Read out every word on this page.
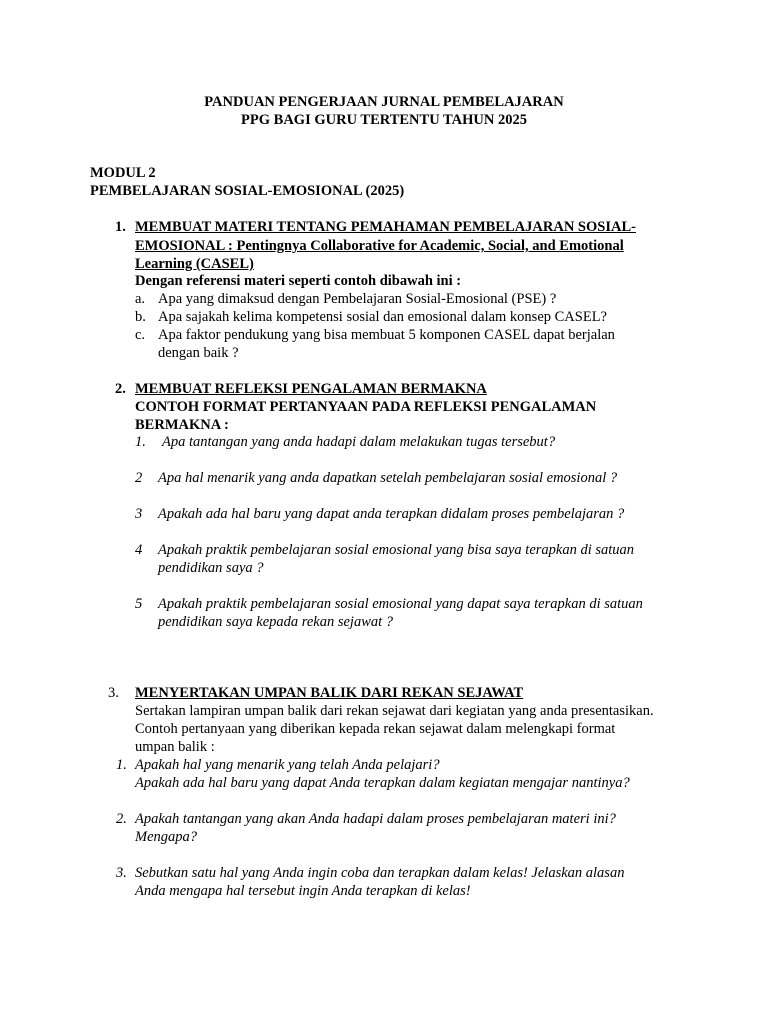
PANDUAN PENGERJAAN JURNAL PEMBELAJARAN
PPG BAGI GURU TERTENTU TAHUN 2025
MODUL 2
PEMBELAJARAN SOSIAL-EMOSIONAL (2025)
1. MEMBUAT MATERI TENTANG PEMAHAMAN PEMBELAJARAN SOSIAL-
EMOSIONAL : Pentingnya Collaborative for Academic, Social, and Emotional
Learning (CASEL)
Dengan referensi materi seperti contoh dibawah ini :
a. Apa yang dimaksud dengan Pembelajaran Sosial-Emosional (PSE) ?
b. Apa sajakah kelima kompetensi sosial dan emosional dalam konsep CASEL?
c. Apa faktor pendukung yang bisa membuat 5 komponen CASEL dapat berjalan
dengan baik ?
2. MEMBUAT REFLEKSI PENGALAMAN BERMAKNA
CONTOH FORMAT PERTANYAAN PADA REFLEKSI PENGALAMAN
BERMAKNA :
1. Apa tantangan yang anda hadapi dalam melakukan tugas tersebut?
2 Apa hal menarik yang anda dapatkan setelah pembelajaran sosial emosional ?
3 Apakah ada hal baru yang dapat anda terapkan didalam proses pembelajaran ?
4 Apakah praktik pembelajaran sosial emosional yang bisa saya terapkan di satuan
pendidikan saya ?
5 Apakah praktik pembelajaran sosial emosional yang dapat saya terapkan di satuan
pendidikan saya kepada rekan sejawat ?
3. MENYERTAKAN UMPAN BALIK DARI REKAN SEJAWAT
Sertakan lampiran umpan balik dari rekan sejawat dari kegiatan yang anda presentasikan.
Contoh pertanyaan yang diberikan kepada rekan sejawat dalam melengkapi format
umpan balik :
1. Apakah hal yang menarik yang telah Anda pelajari?
Apakah ada hal baru yang dapat Anda terapkan dalam kegiatan mengajar nantinya?
2. Apakah tantangan yang akan Anda hadapi dalam proses pembelajaran materi ini?
Mengapa?
3. Sebutkan satu hal yang Anda ingin coba dan terapkan dalam kelas! Jelaskan alasan
Anda mengapa hal tersebut ingin Anda terapkan di kelas!
